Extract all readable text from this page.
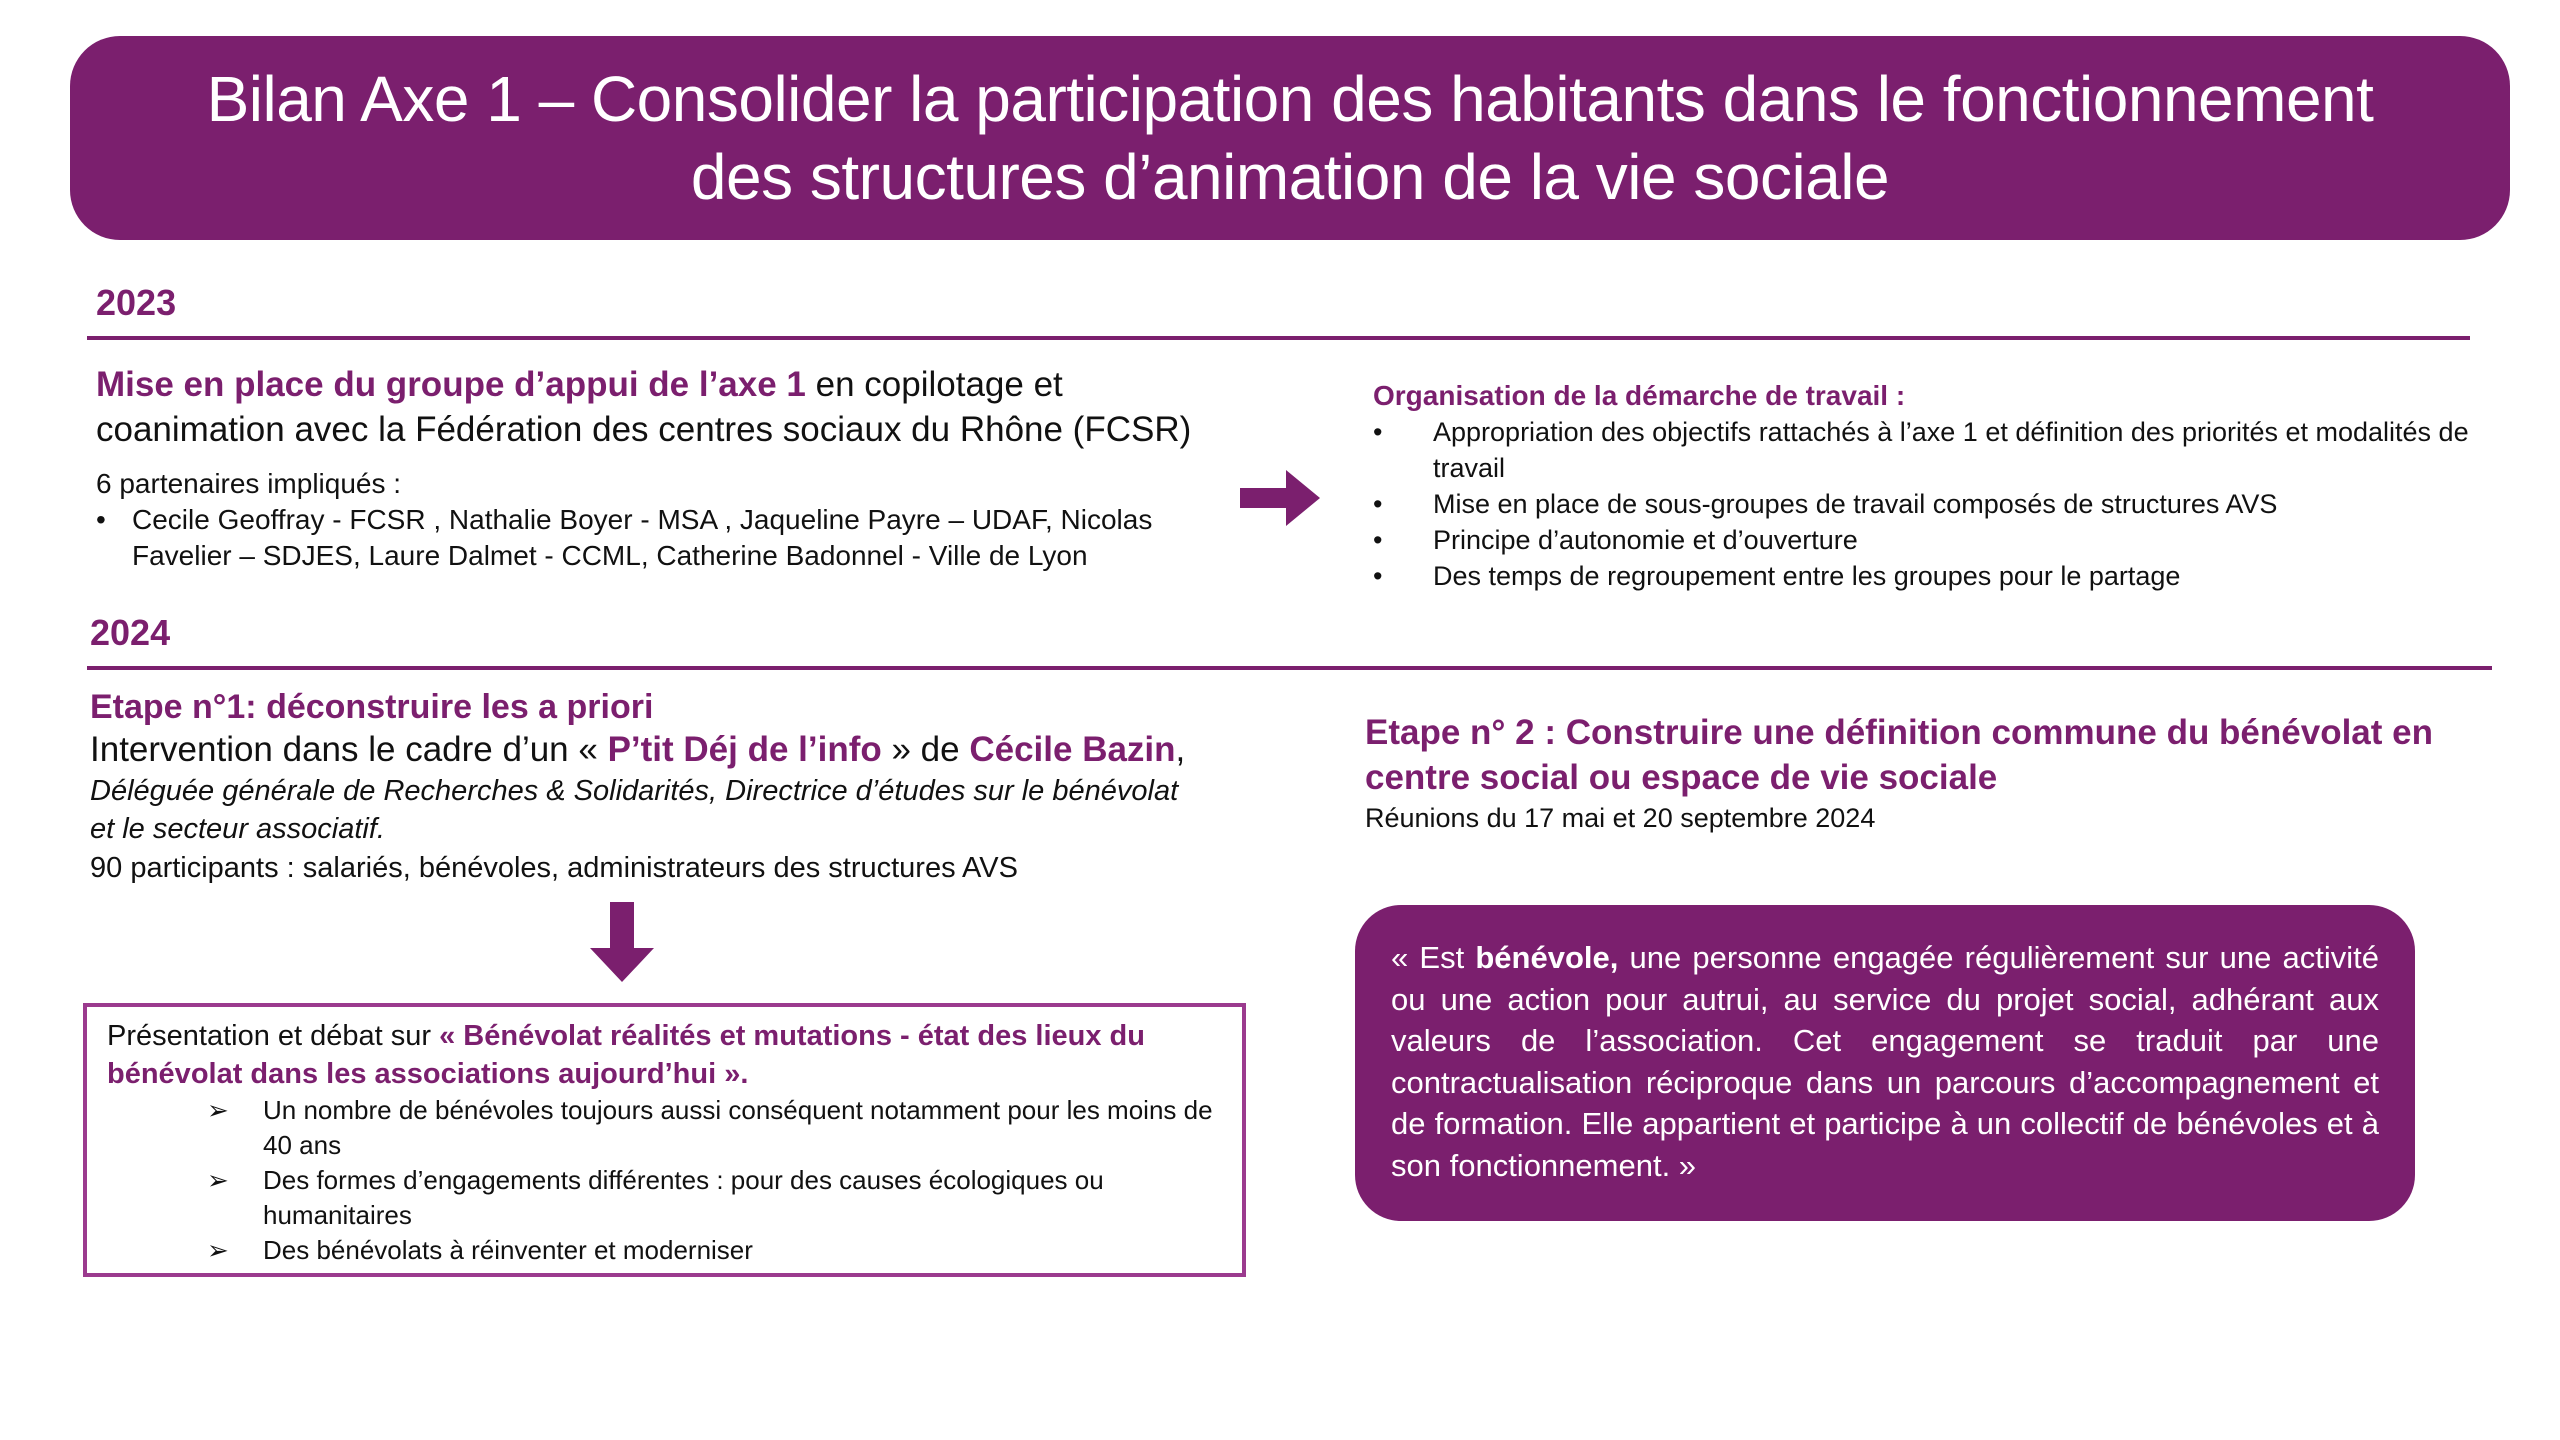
Bilan Axe 1 – Consolider la participation des habitants dans le fonctionnement
des structures d’animation de la vie sociale
2023
Mise en place du groupe d’appui de l’axe 1 en copilotage et
coanimation avec la Fédération des centres sociaux du Rhône (FCSR)
6 partenaires impliqués :
• Cecile Geoffray - FCSR , Nathalie Boyer - MSA , Jaqueline Payre – UDAF, Nicolas
Favelier – SDJES, Laure Dalmet - CCML, Catherine Badonnel - Ville de Lyon
Organisation de la démarche de travail :
• Appropriation des objectifs rattachés à l’axe 1 et définition des priorités et modalités de travail
• Mise en place de sous-groupes de travail composés de structures AVS
• Principe d’autonomie et d’ouverture
• Des temps de regroupement entre les groupes pour le partage
2024
Etape n°1: déconstruire les a priori
Intervention dans le cadre d’un « P’tit Déj de l’info » de Cécile Bazin,
Déléguée générale de Recherches & Solidarités, Directrice d’études sur le bénévolat
et le secteur associatif.
90 participants : salariés, bénévoles, administrateurs des structures AVS
Présentation et débat sur « Bénévolat réalités et mutations - état des lieux du
bénévolat dans les associations aujourd’hui ».
➢ Un nombre de bénévoles toujours aussi conséquent notamment pour les moins de 40 ans
➢ Des formes d’engagements différentes : pour des causes écologiques ou humanitaires
➢ Des bénévolats à réinventer et moderniser
Etape n° 2 : Construire une définition commune du bénévolat en
centre social ou espace de vie sociale
Réunions du 17 mai et 20 septembre 2024
« Est bénévole, une personne engagée régulièrement sur une activité ou une action pour autrui, au service du projet social, adhérant aux valeurs de l’association. Cet engagement se traduit par une contractualisation réciproque dans un parcours d’accompagnement et de formation. Elle appartient et participe à un collectif de bénévoles et à son fonctionnement. »
